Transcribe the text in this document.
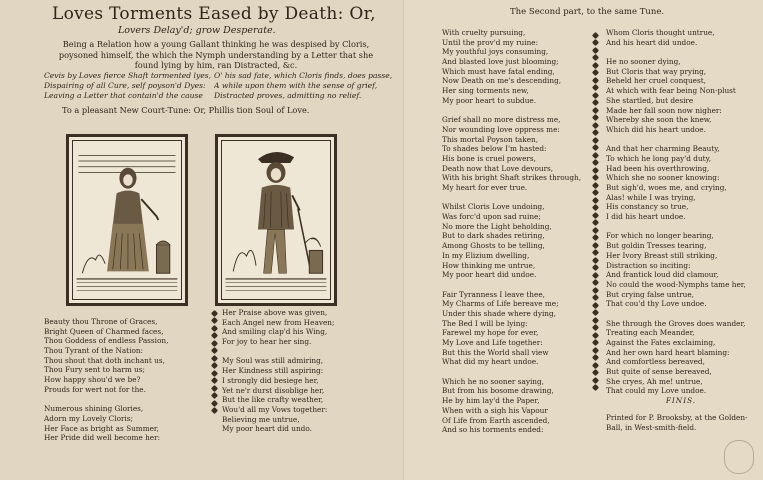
Loves Torments Eased by Death: Or,
Lovers Delay'd; grow Desperate.
Being a Relation how a young Gallant thinking he was despised by Cloris, poysoned himself, the which the Nymph understanding by a Letter that she found lying by him, ran Distracted, &c.
Cevis by Loves fierce Shaft tormented lyes, O' his sad fate, which Cloris finds, does passe,
Dispairing of all Cure, self poyson'd Dyes:	A while upon them with the sense of grief,
Leaving a Letter that contain'd the cause	Distracted proves, admitting no relief.
To a pleasant New Court-Tune: Or, Phillis tion Soul of Love.
Beauty thou Throne of Graces,
Bright Queen of Charmed faces,
Thou Goddess of endless Passion,
Thou Tyrant of the Nation:
Thou shout that doth inchant us,
Thou Fury sent to harm us;
How happy shou'd we be?
Prouds for wert not for the.
Numerous shining Glories,
Adorn my Lovely Cloris;
Her Face as bright as Summer,
Her Pride did well become her:
Her Praise above was given,
Each Angel new from Heaven;
And smiling clap'd his Wing,
For joy to hear her sing.
My Soul was still admiring,
Her Kindness still aspiring:
I strongly did besiege her,
Yet ne'r durst disoblige her,
But the like crafty weather,
Wou'd all my Vows together:
Believing me untrue,
My poor heart did undo.
The Second part, to the same Tune.
With cruelty pursuing,
Until the prov'd my ruine:
My youthful joys consuming,
And blasted love just blooming;
Which must have fatal ending,
Now Death on me's descending,
Her sing torments new,
My poor heart to subdue.
Grief shall no more distress me,
Nor wounding love oppress me:
This mortal Poyson taken,
To shades below I'm hasted:
His bone is cruel powers,
Death now that Love devours,
With his bright Shaft strikes through,
My heart for ever true.
Whilst Cloris Love undoing,
Was forc'd upon sad ruine;
No more the Light beholding,
But to dark shades retiring,
Among Ghosts to be telling,
In my Elizium dwelling,
How thinking me untrue,
My poor heart did undoe.
Fair Tyranness I leave thee,
My Charms of Life bereave me;
Under this shade where dying,
The Bed I will be lying:
Farewel my hope for ever,
My Love and Life together:
But this the World shall view
What did my heart undoe.
Which he no sooner saying,
But from his bosome drawing,
He by him lay'd the Paper,
When with a sigh his Vapour
Of Life from Earth ascended,
And so his torments ended:
Whom Cloris thought untrue,
And his heart did undoe.
He no sooner dying,
But Cloris that way prying,
Beheld her cruel conquest,
At which with fear being Non-plust
She startled, but desire
Made her fall soon now nigher:
Whereby she soon the knew,
Which did his heart undoe.
And that her charming Beauty,
To which he long pay'd duty,
Had been his overthrowing,
Which she no sooner knowing:
But sigh'd, woes me, and crying,
Alas! while I was trying,
His constancy so true,
I did his heart undoe.
For which no longer bearing,
But goldin Tresses tearing,
Her Ivory Breast still striking,
Distraction so inciting:
And frantick loud did clamour,
No could the wood-Nymphs tame her,
But crying false untrue,
That cou'd thy Love undoe.
She through the Groves does wander,
Treating each Meander,
Against the Fates exclaiming,
And her own hard heart blaming:
And comfortless bereaved,
But quite of sense bereaved,
She cryes, Ah me! untrue,
That could my Love undoe.
FINIS.
Printed for P. Brooksby, at the Golden-Ball, in West-smith-field.
